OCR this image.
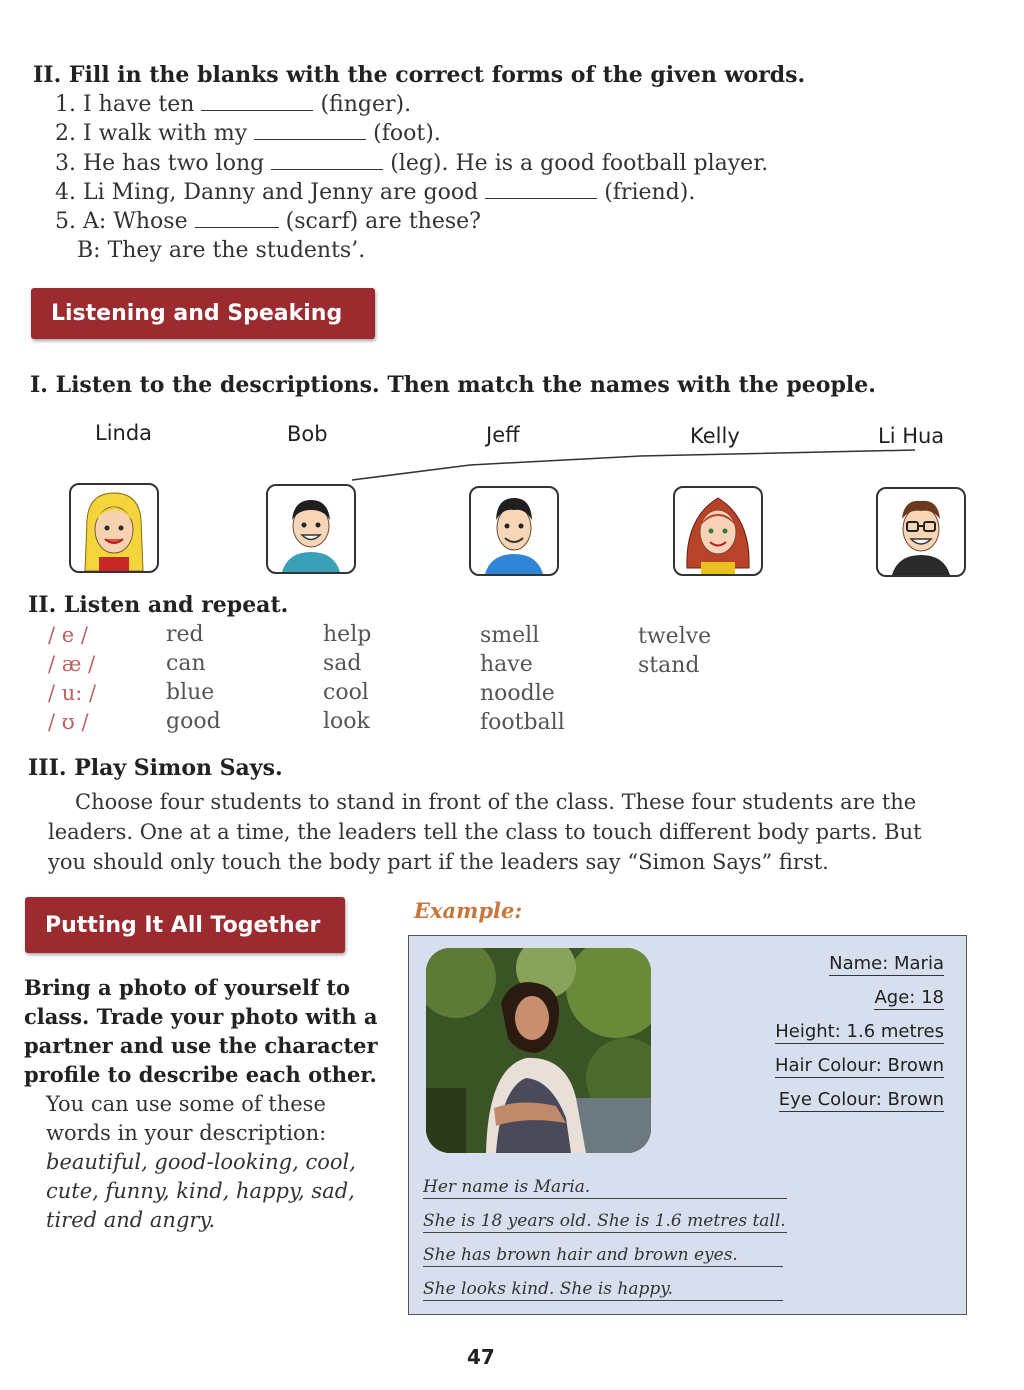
II. Fill in the blanks with the correct forms of the given words.
1. I have ten	(finger).
2. I walk with my	(foot).
3. He has two long	(leg). He is a good football player.
4. Li Ming, Danny and Jenny are good	(friend).
5. A: Whose	(scarf) are these?
B: They are the students’.
Listening and Speaking
I. Listen to the descriptions. Then match the names with the people.
Linda	Bob	Jeff	Kelly	Li Hua
II. Listen and repeat.
/ e /	red	help	smell	twelve
/ æ /	can	sad	have	stand
/ u: /	blue	cool	noodle
/ ʊ /	good	look	football
III. Play Simon Says.
Choose four students to stand in front of the class. These four students are the
leaders. One at a time, the leaders tell the class to touch different body parts. But
you should only touch the body part if the leaders say “Simon Says” first.
Putting It All Together
Bring a photo of yourself to
class. Trade your photo with a
partner and use the character
profile to describe each other.
You can use some of these
words in your description:
beautiful, good-looking, cool,
cute, funny, kind, happy, sad,
tired and angry.
Example:
Name: Maria
Age: 18
Height: 1.6 metres
Hair Colour: Brown
Eye Colour: Brown
Her name is Maria.
She is 18 years old. She is 1.6 metres tall.
She has brown hair and brown eyes.
She looks kind. She is happy.
47
